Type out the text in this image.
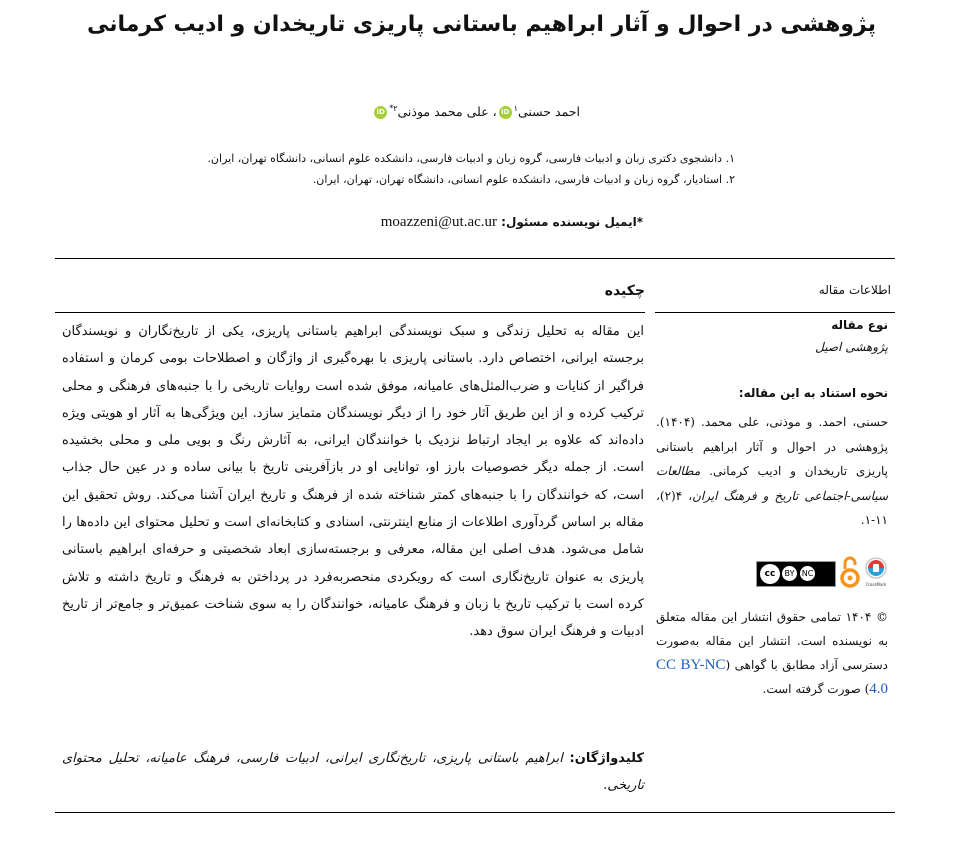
پژوهشی در احوال و آثار ابراهیم باستانی پاریزی تاریخدان و ادیب کرمانی
احمد حسنی$^۱$iD، علی محمد موذنی$^{۲*}$iD
۱. دانشجوی دکتری زبان و ادبیات فارسی، گروه زبان و ادبیات فارسی، دانشکده علوم انسانی، دانشگاه تهران، ایران.
۲. استادیار، گروه زبان و ادبیات فارسی، دانشکده علوم انسانی، دانشگاه تهران، تهران، ایران.
*ایمیل نویسنده مسئول: moazzeni@ut.ac.ur
اطلاعات مقاله
چکیده
این مقاله به تحلیل زندگی و سبک نویسندگی ابراهیم باستانی پاریزی، یکی از تاریخ‌نگاران و نویسندگان برجسته ایرانی، اختصاص دارد. باستانی پاریزی با بهره‌گیری از واژگان و اصطلاحات بومی کرمان و استفاده فراگیر از کنایات و ضرب‌المثل‌های عامیانه، موفق شده است روایات تاریخی را با جنبه‌های فرهنگی و محلی ترکیب کرده و از این طریق آثار خود را از دیگر نویسندگان متمایز سازد. این ویژگی‌ها به آثار او هویتی ویژه داده‌اند که علاوه بر ایجاد ارتباط نزدیک با خوانندگان ایرانی، به آثارش رنگ و بویی ملی و محلی بخشیده است. از جمله دیگر خصوصیات بارز او، توانایی او در بازآفرینی تاریخ با بیانی ساده و در عین حال جذاب است، که خوانندگان را با جنبه‌های کمتر شناخته شده از فرهنگ و تاریخ ایران آشنا می‌کند. روش تحقیق این مقاله بر اساس گردآوری اطلاعات از منابع اینترنتی، اسنادی و کتابخانه‌ای است و تحلیل محتوای این داده‌ها را شامل می‌شود. هدف اصلی این مقاله، معرفی و برجسته‌سازی ابعاد شخصیتی و حرفه‌ای ابراهیم باستانی پاریزی به عنوان تاریخ‌نگاری است که رویکردی منحصربه‌فرد در پرداختن به فرهنگ و تاریخ داشته و تلاش کرده است با ترکیب تاریخ با زبان و فرهنگ عامیانه، خوانندگان را به سوی شناخت عمیق‌تر و جامع‌تر از تاریخ ادبیات و فرهنگ ایران سوق دهد.
کلیدواژگان: ابراهیم باستانی پاریزی، تاریخ‌نگاری ایرانی، ادبیات فارسی، فرهنگ عامیانه، تحلیل محتوای تاریخی.
نوع مقاله
پژوهشی اصیل
نحوه استناد به این مقاله:
حسنی، احمد. و موذنی، علی محمد. (۱۴۰۴). پژوهشی در احوال و آثار ابراهیم باستانی پاریزی تاریخدان و ادیب کرمانی. مطالعات سیاسی-اجتماعی تاریخ و فرهنگ ایران، ۴(۲)، ۱۱-۱.
cc	BY NC
CrossMark
© ۱۴۰۴ تمامی حقوق انتشار این مقاله متعلق به نویسنده است. انتشار این مقاله به‌صورت دسترسی آزاد مطابق با گواهی (CC BY-NC 4.0) صورت گرفته است.
